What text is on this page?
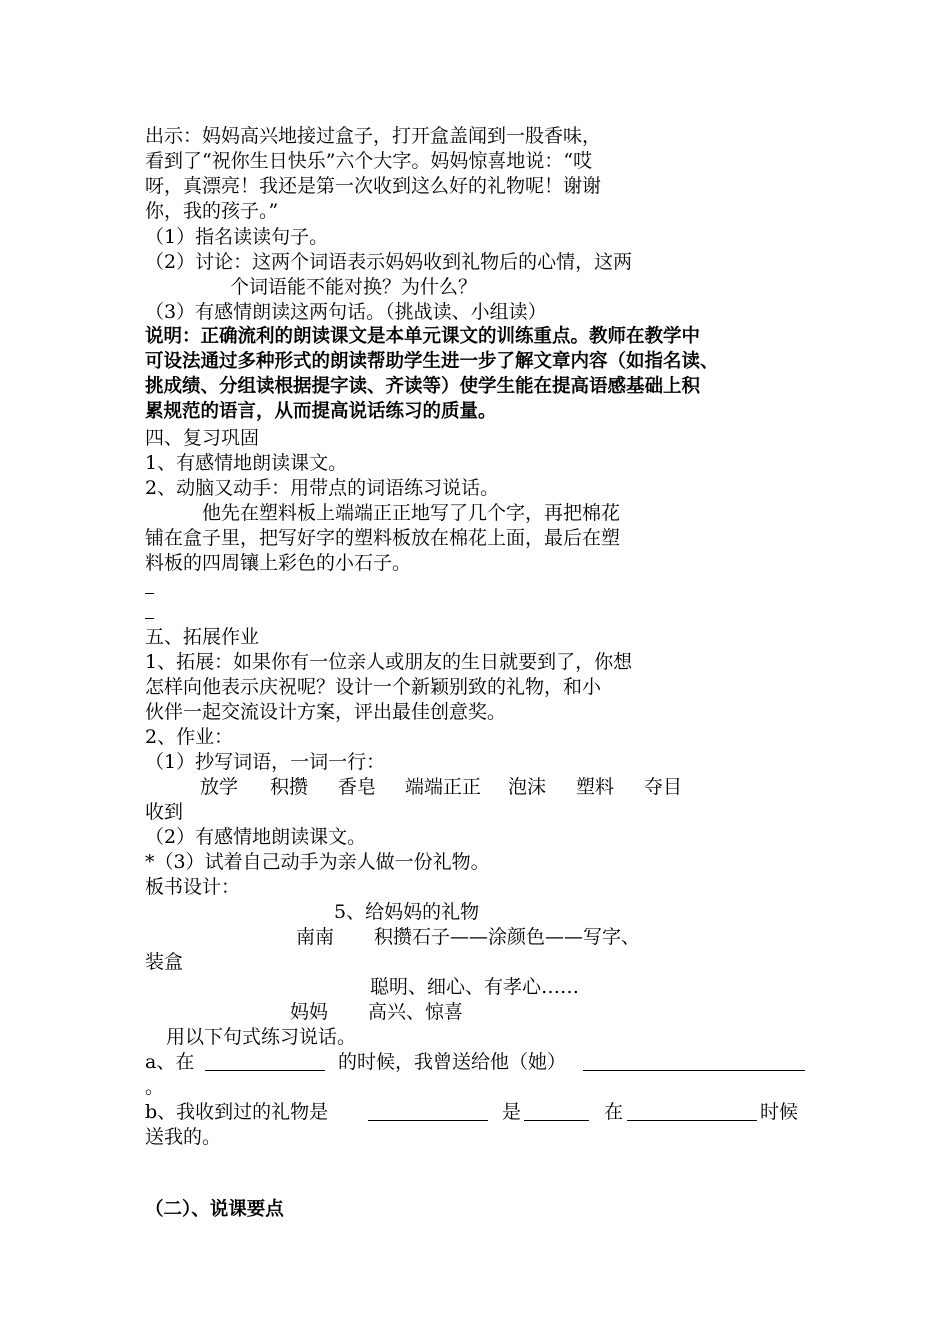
出示：妈妈高兴地接过盒子，打开盒盖闻到一股香味，
看到了“祝你生日快乐”六个大字。妈妈惊喜地说：“哎
呀，真漂亮！我还是第一次收到这么好的礼物呢！谢谢
你，我的孩子。”
（1）指名读读句子。
（2）讨论：这两个词语表示妈妈收到礼物后的心情，这两
个词语能不能对换？为什么？
（3）有感情朗读这两句话。（挑战读、小组读）
说明：正确流利的朗读课文是本单元课文的训练重点。教师在教学中
可设法通过多种形式的朗读帮助学生进一步了解文章内容（如指名读、
挑成绩、分组读根据提字读、齐读等）使学生能在提高语感基础上积
累规范的语言，从而提高说话练习的质量。
四、复习巩固
1、有感情地朗读课文。
2、动脑又动手：用带点的词语练习说话。
他先在塑料板上端端正正地写了几个字，再把棉花
铺在盒子里，把写好字的塑料板放在棉花上面，最后在塑
料板的四周镶上彩色的小石子。
五、拓展作业
1、拓展：如果你有一位亲人或朋友的生日就要到了，你想
怎样向他表示庆祝呢？设计一个新颖别致的礼物，和小
伙伴一起交流设计方案，评出最佳创意奖。
2、作业：
（1）抄写词语，一词一行：
放学 积攒 香皂 端端正正 泡沫 塑料 夺目
收到
（2）有感情地朗读课文。
*（3）试着自己动手为亲人做一份礼物。
板书设计：
5、给妈妈的礼物
南南 积攒石子——涂颜色——写字、
装盒
聪明、细心、有孝心……
妈妈 高兴、惊喜
用以下句式练习说话。
a、在	的时候，我曾送给他（她）
。
b、我收到过的礼物是	是	在	时候
送我的。
（二）、说课要点
